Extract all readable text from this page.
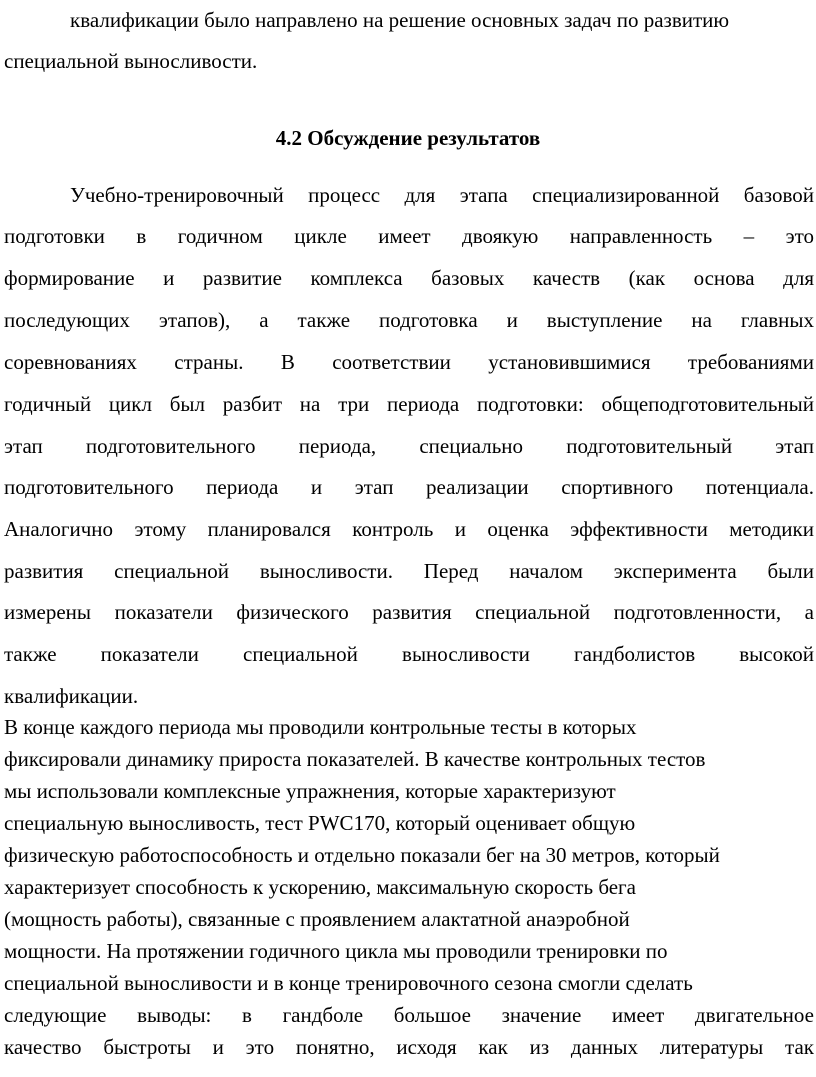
квалификации было направлено на решение основных задач по развитию
специальной выносливости.
4.2 Обсуждение результатов
Учебно-тренировочный процесс для этапа специализированной базовой
подготовки в годичном цикле имеет двоякую направленность – это
формирование и развитие комплекса базовых качеств (как основа для
последующих этапов), а также подготовка и выступление на главных
соревнованиях страны. В соответствии установившимися требованиями
годичный цикл был разбит на три периода подготовки: общеподготовительный
этап подготовительного периода, специально подготовительный этап
подготовительного периода и этап реализации спортивного потенциала.
Аналогично этому планировался контроль и оценка эффективности методики
развития специальной выносливости. Перед началом эксперимента были
измерены показатели физического развития специальной подготовленности, а
также показатели специальной выносливости гандболистов высокой
квалификации.
В конце каждого периода мы проводили контрольные тесты в которых
фиксировали динамику прироста показателей. В качестве контрольных тестов
мы использовали комплексные упражнения, которые характеризуют
специальную выносливость, тест PWC170, который оценивает общую
физическую работоспособность и отдельно показали бег на 30 метров, который
характеризует способность к ускорению, максимальную скорость бега
(мощность работы), связанные с проявлением алактатной анаэробной
мощности. На протяжении годичного цикла мы проводили тренировки по
специальной выносливости и в конце тренировочного сезона смогли сделать
следующие выводы: в гандболе большое значение имеет двигательное
качество быстроты и это понятно, исходя как из данных литературы так
